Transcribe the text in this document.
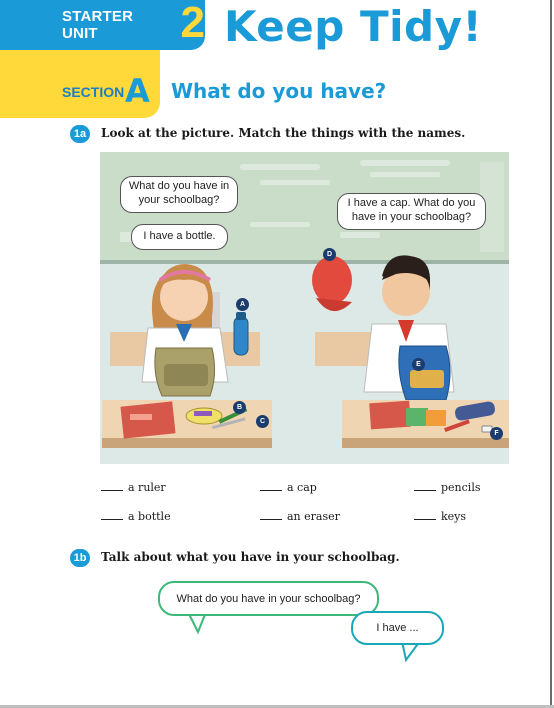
STARTER UNIT	2 Keep Tidy!
SECTION A What do you have?
1a	Look at the picture. Match the things with the names.
What do you have in your schoolbag?
I have a bottle.
I have a cap. What do you have in your schoolbag?
A
B
C
D
E
F
a ruler	a cap	pencils
a bottle	an eraser	keys
1b Talk about what you have in your schoolbag.
What do you have in your schoolbag?
I have ...
